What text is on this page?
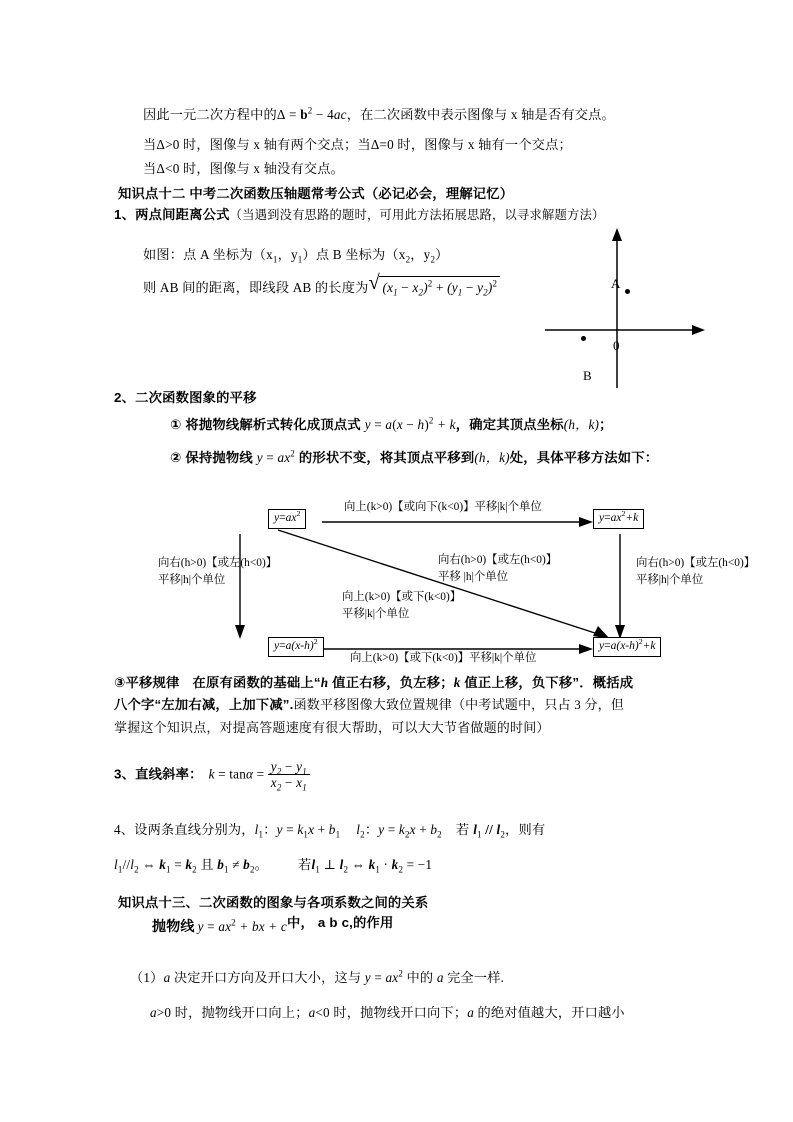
因此一元二次方程中的$\Delta = b^2 - 4ac$，在二次函数中表示图像与 x 轴是否有交点。
当Δ>0 时，图像与 x 轴有两个交点；当Δ=0 时，图像与 x 轴有一个交点；
当Δ<0 时，图像与 x 轴没有交点。
知识点十二 中考二次函数压轴题常考公式（必记必会，理解记忆）
1、两点间距离公式（当遇到没有思路的题时，可用此方法拓展思路，以寻求解题方法）
如图：点 A 坐标为（$x_1$，$y_1$）点 B 坐标为（$x_2$，$y_2$）
则 AB 间的距离，即线段 AB 的长度为 √ $(x_1 - x_2)^2 + (y_1 - y_2)^2$	A
B
0
2、二次函数图象的平移
① 将抛物线解析式转化成顶点式 $y = a(x - h)^2 + k$，确定其顶点坐标(h，k)；
② 保持抛物线 $y = ax^2$ 的形状不变，将其顶点平移到(h，k)处，具体平移方法如下：
$y=ax^2$	$y=ax^2+k$
$y=a(x-h)^2$	$y=a(x-h)^2+k$
向上(k>0)【或向下(k<0)】平移|k|个单位
向右(h>0)【或左(h<0)】
平移|h|个单位
向右(h>0)【或左(h<0)】
平移 |h|个单位
向上(k>0)【或下(k<0)】
平移|k|个单位
向右(h>0)【或左(h<0)】
平移|h|个单位
向上(k>0)【或下(k<0)】平移|k|个单位
③平移规律 在原有函数的基础上“h 值正右移，负左移；k 值正上移，负下移”．概括成
八个字“左加右减，上加下减”.函数平移图像大致位置规律（中考试题中，只占 3 分，但
掌握这个知识点，对提高答题速度有很大帮助，可以大大节省做题的时间）
3、直线斜率： $k = \tan\alpha = \frac{y_2 - y_1}{x_2 - x_1}$
4、设两条直线分别为，$l_1$：$y = k_1x + b_1$ $l_2$：$y = k_2x + b_2$ 若 $l_1 // l_2$，则有
$l_1//l_2$ ⇔ $k_1 = k_2$ 且 $b_1 \ne b_2$。 若$l_1$ ⊥ $l_2$ ⇔ $k_1 \cdot k_2 = -1$
知识点十三、二次函数的图象与各项系数之间的关系
抛物线 $y = ax^2$ + bx + c中， a b c,的作用
（1）a 决定开口方向及开口大小，这与 $y = ax^2$ 中的 a 完全一样.
a>0 时，抛物线开口向上；a<0 时，抛物线开口向下；a 的绝对值越大，开口越小
